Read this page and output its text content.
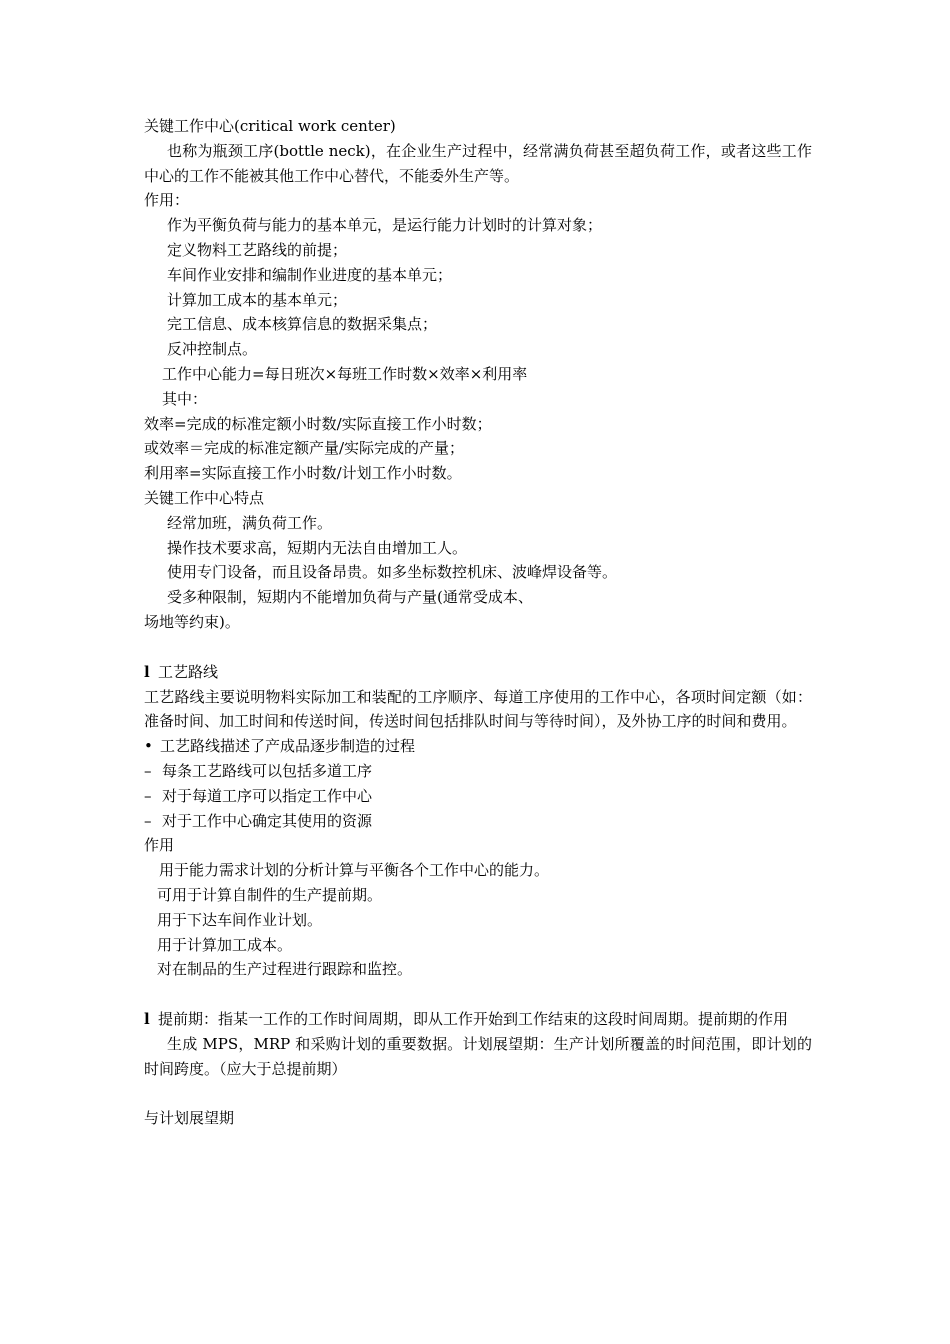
关键工作中心(critical work center)
也称为瓶颈工序(bottle neck)，在企业生产过程中，经常满负荷甚至超负荷工作，或者这些工作中心的工作不能被其他工作中心替代，不能委外生产等。
作用：
作为平衡负荷与能力的基本单元，是运行能力计划时的计算对象；
定义物料工艺路线的前提；
车间作业安排和编制作业进度的基本单元；
计算加工成本的基本单元；
完工信息、成本核算信息的数据采集点；
反冲控制点。
工作中心能力=每日班次×每班工作时数×效率×利用率
其中：
效率=完成的标准定额小时数/实际直接工作小时数；
或效率＝完成的标准定额产量/实际完成的产量；
利用率=实际直接工作小时数/计划工作小时数。
关键工作中心特点
经常加班，满负荷工作。
操作技术要求高，短期内无法自由增加工人。
使用专门设备，而且设备昂贵。如多坐标数控机床、波峰焊设备等。
受多种限制，短期内不能增加负荷与产量(通常受成本、
场地等约束)。
l 工艺路线
工艺路线主要说明物料实际加工和装配的工序顺序、每道工序使用的工作中心，各项时间定额（如：准备时间、加工时间和传送时间，传送时间包括排队时间与等待时间），及外协工序的时间和费用。
• 工艺路线描述了产成品逐步制造的过程
– 每条工艺路线可以包括多道工序
– 对于每道工序可以指定工作中心
– 对于工作中心确定其使用的资源
作用
用于能力需求计划的分析计算与平衡各个工作中心的能力。
可用于计算自制件的生产提前期。
用于下达车间作业计划。
用于计算加工成本。
对在制品的生产过程进行跟踪和监控。
l 提前期：指某一工作的工作时间周期，即从工作开始到工作结束的这段时间周期。提前期的作用
生成 MPS，MRP 和采购计划的重要数据。计划展望期：生产计划所覆盖的时间范围，即计划的时间跨度。（应大于总提前期）
与计划展望期
